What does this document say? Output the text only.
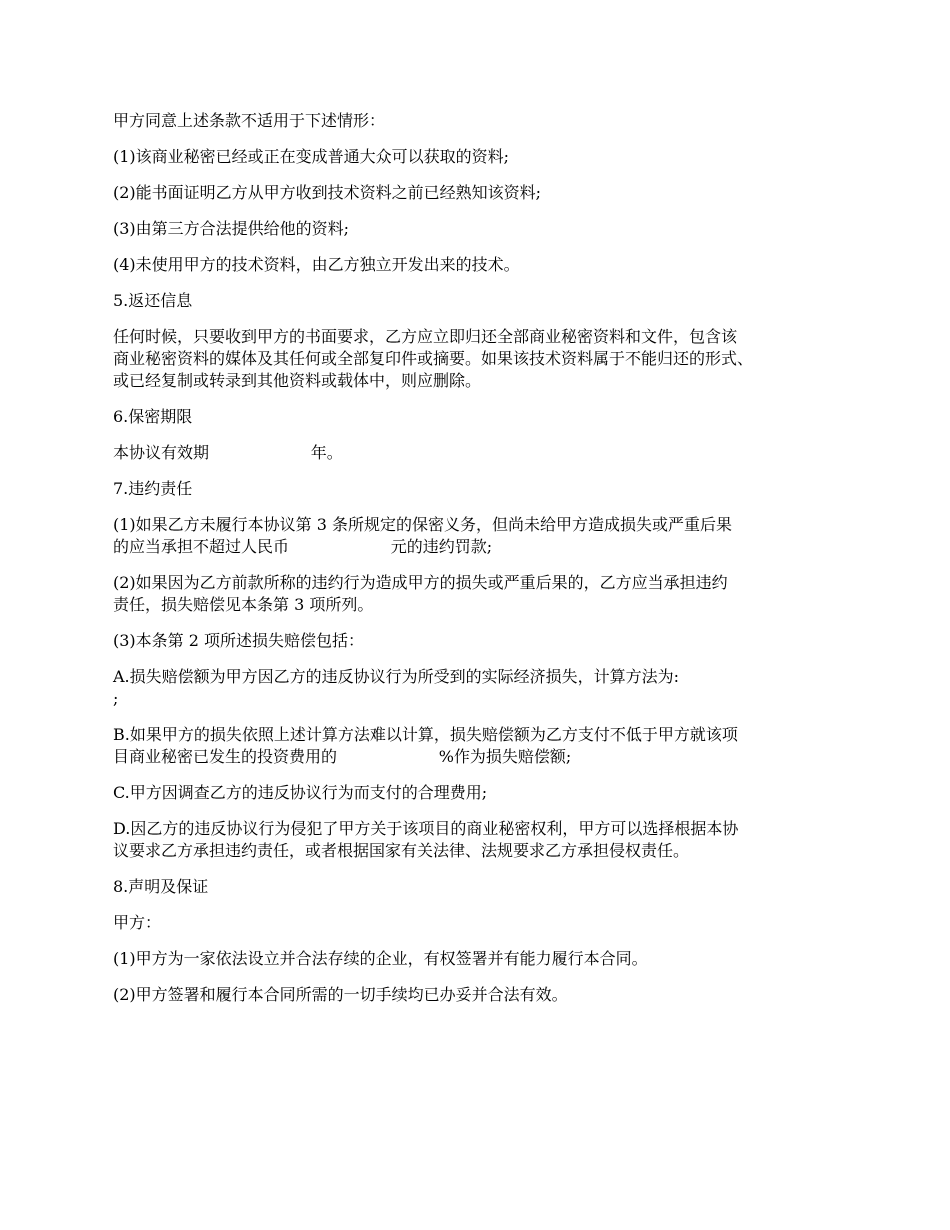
甲方同意上述条款不适用于下述情形：
(1)该商业秘密已经或正在变成普通大众可以获取的资料;
(2)能书面证明乙方从甲方收到技术资料之前已经熟知该资料;
(3)由第三方合法提供给他的资料;
(4)未使用甲方的技术资料，由乙方独立开发出来的技术。
5.返还信息
任何时候，只要收到甲方的书面要求，乙方应立即归还全部商业秘密资料和文件，包含该
商业秘密资料的媒体及其任何或全部复印件或摘要。如果该技术资料属于不能归还的形式、
或已经复制或转录到其他资料或载体中，则应删除。
6.保密期限
本协议有效期                    年。
7.违约责任
(1)如果乙方未履行本协议第 3 条所规定的保密义务，但尚未给甲方造成损失或严重后果
的应当承担不超过人民币                    元的违约罚款;
(2)如果因为乙方前款所称的违约行为造成甲方的损失或严重后果的，乙方应当承担违约
责任，损失赔偿见本条第 3 项所列。
(3)本条第 2 项所述损失赔偿包括：
A.损失赔偿额为甲方因乙方的违反协议行为所受到的实际经济损失，计算方法为:
;
B.如果甲方的损失依照上述计算方法难以计算，损失赔偿额为乙方支付不低于甲方就该项
目商业秘密已发生的投资费用的                    %作为损失赔偿额;
C.甲方因调查乙方的违反协议行为而支付的合理费用;
D.因乙方的违反协议行为侵犯了甲方关于该项目的商业秘密权利，甲方可以选择根据本协
议要求乙方承担违约责任，或者根据国家有关法律、法规要求乙方承担侵权责任。
8.声明及保证
甲方：
(1)甲方为一家依法设立并合法存续的企业，有权签署并有能力履行本合同。
(2)甲方签署和履行本合同所需的一切手续均已办妥并合法有效。
